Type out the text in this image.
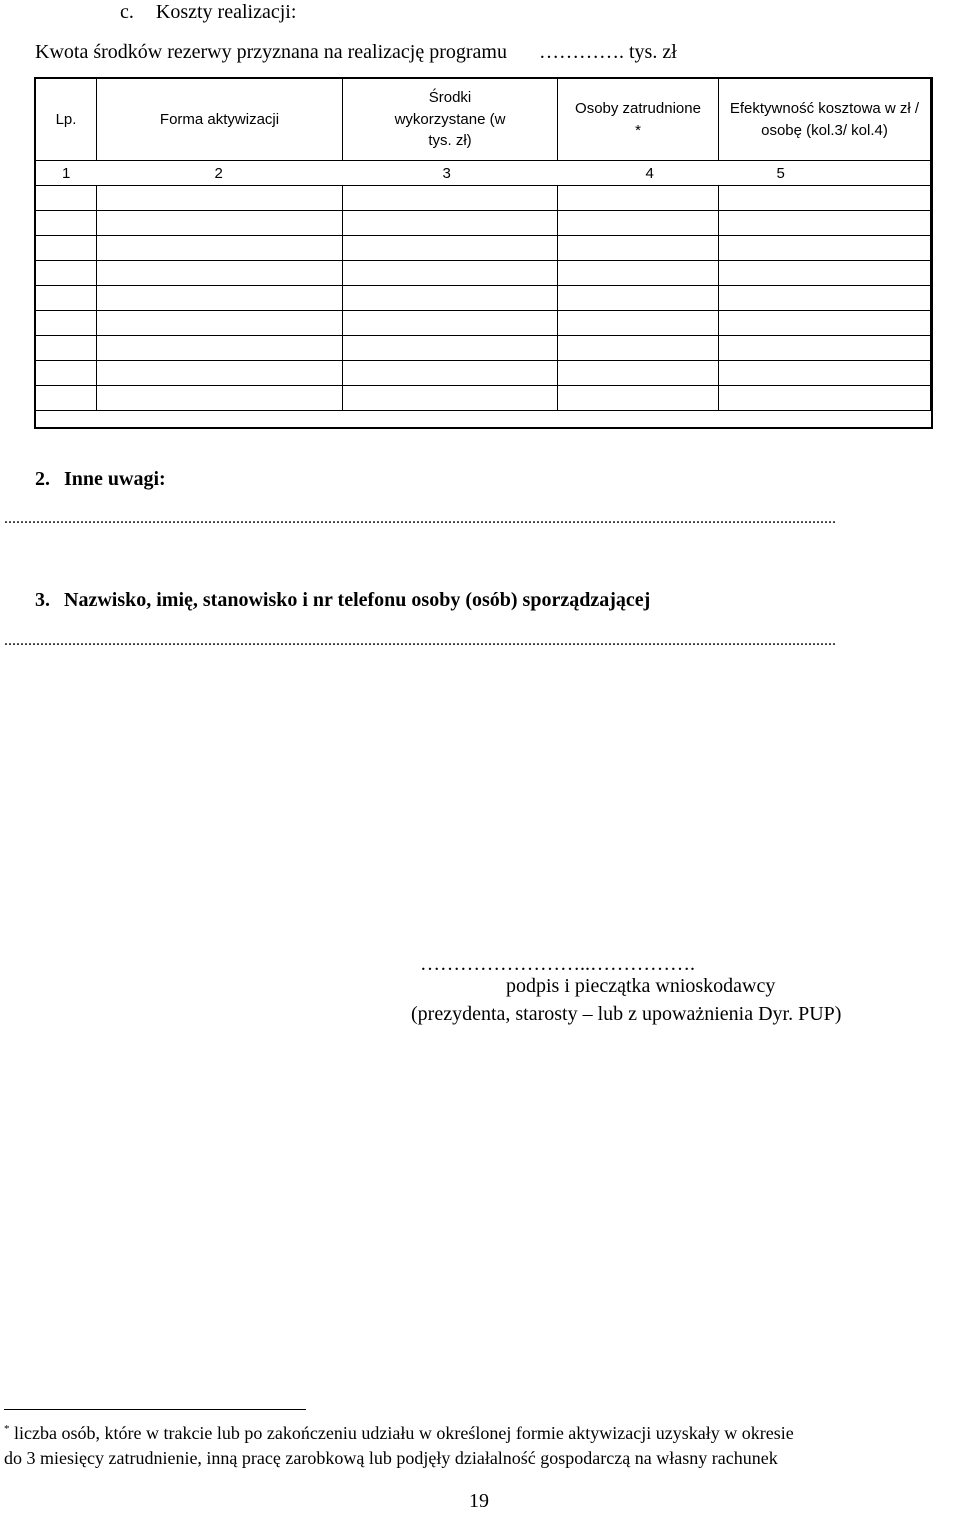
c. Koszty realizacji:
Kwota środków rezerwy przyznana na realizację programu …………. tys. zł
Lp.	Forma aktywizacji	Środki wykorzystane (w tys. zł)	Osoby zatrudnione *	Efektywność kosztowa w zł / osobę (kol.3/ kol.4)
1	2	3	4	5

2. Inne uwagi:
................................................................................................................................................................................................................
3. Nazwisko, imię, stanowisko i nr telefonu osoby (osób) sporządzającej
................................................................................................................................................................................................................
……………………..…………….
podpis i pieczątka wnioskodawcy
(prezydenta, starosty – lub z upoważnienia Dyr. PUP)
* liczba osób, które w trakcie lub po zakończeniu udziału w określonej formie aktywizacji uzyskały w okresie
do 3 miesięcy zatrudnienie, inną pracę zarobkową lub podjęły działalność gospodarczą na własny rachunek
19
